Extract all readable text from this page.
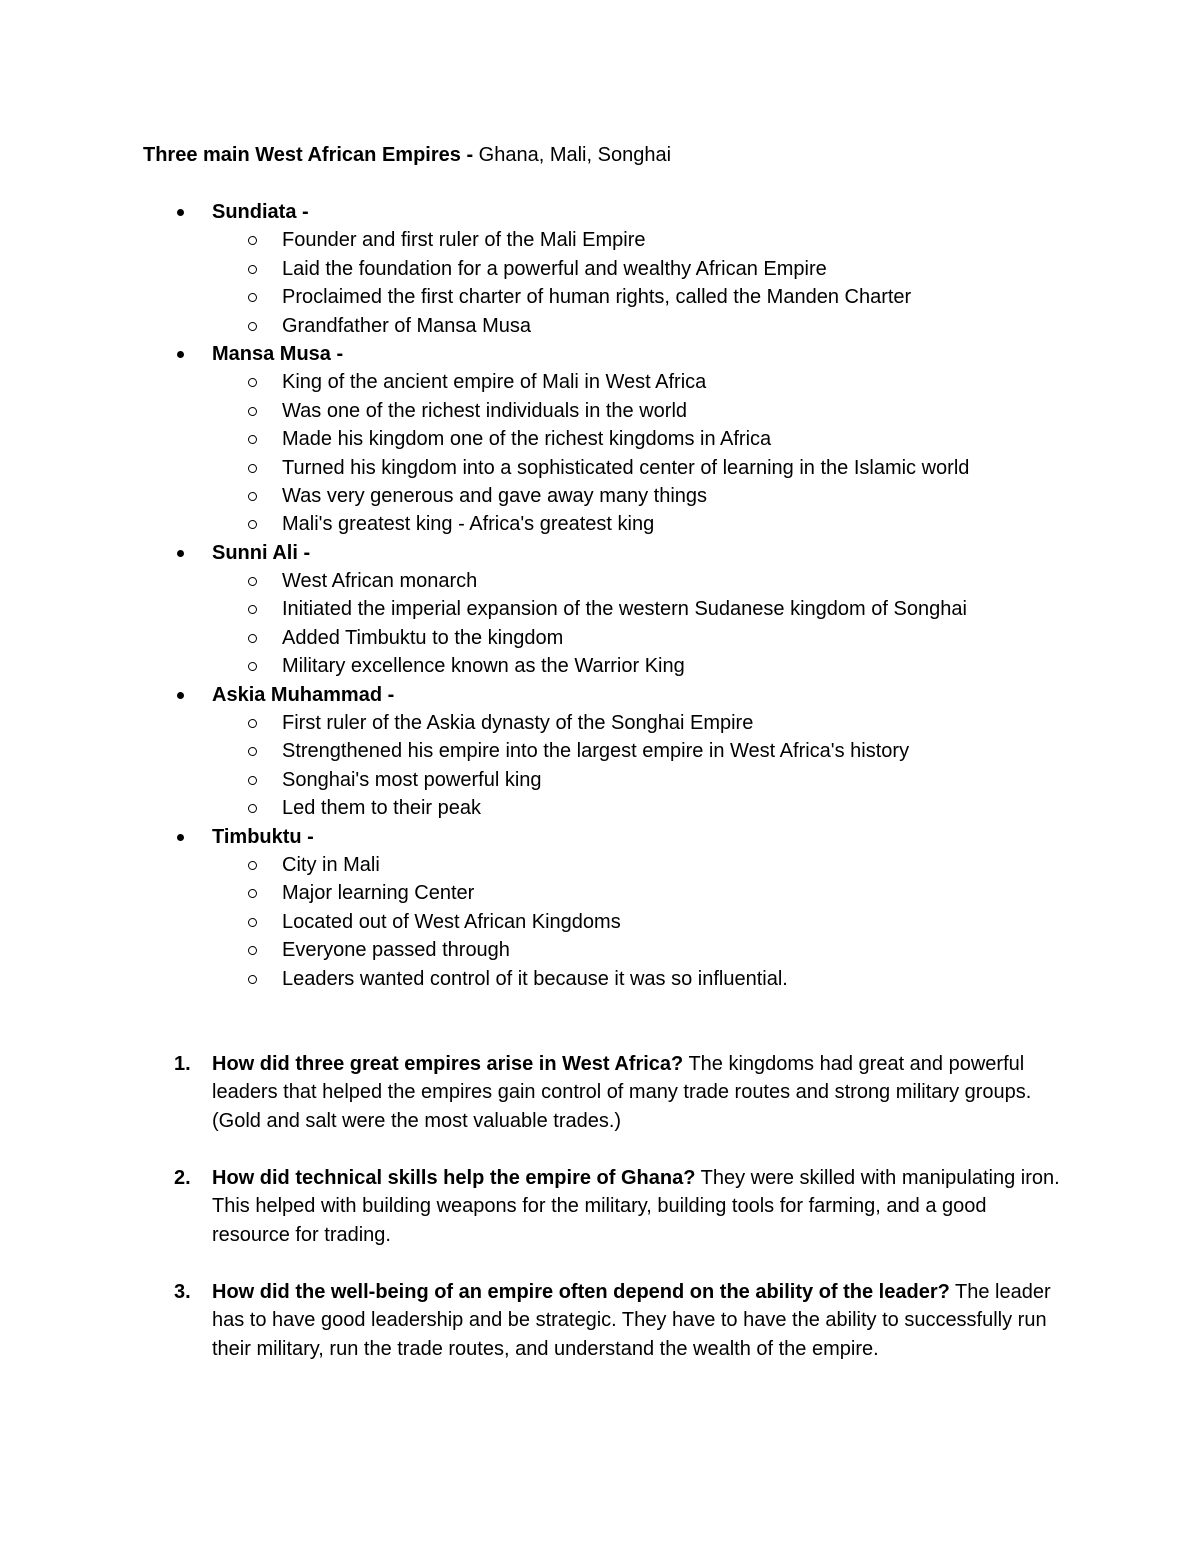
Three main West African Empires - Ghana, Mali, Songhai
Sundiata -
Founder and first ruler of the Mali Empire
Laid the foundation for a powerful and wealthy African Empire
Proclaimed the first charter of human rights, called the Manden Charter
Grandfather of Mansa Musa
Mansa Musa -
King of the ancient empire of Mali in West Africa
Was one of the richest individuals in the world
Made his kingdom one of the richest kingdoms in Africa
Turned his kingdom into a sophisticated center of learning in the Islamic world
Was very generous and gave away many things
Mali's greatest king - Africa's greatest king
Sunni Ali -
West African monarch
Initiated the imperial expansion of the western Sudanese kingdom of Songhai
Added Timbuktu to the kingdom
Military excellence known as the Warrior King
Askia Muhammad -
First ruler of the Askia dynasty of the Songhai Empire
Strengthened his empire into the largest empire in West Africa's history
Songhai's most powerful king
Led them to their peak
Timbuktu -
City in Mali
Major learning Center
Located out of West African Kingdoms
Everyone passed through
Leaders wanted control of it because it was so influential.
1. How did three great empires arise in West Africa? The kingdoms had great and powerful leaders that helped the empires gain control of many trade routes and strong military groups. (Gold and salt were the most valuable trades.)
2. How did technical skills help the empire of Ghana? They were skilled with manipulating iron. This helped with building weapons for the military, building tools for farming, and a good resource for trading.
3. How did the well-being of an empire often depend on the ability of the leader? The leader has to have good leadership and be strategic. They have to have the ability to successfully run their military, run the trade routes, and understand the wealth of the empire.
